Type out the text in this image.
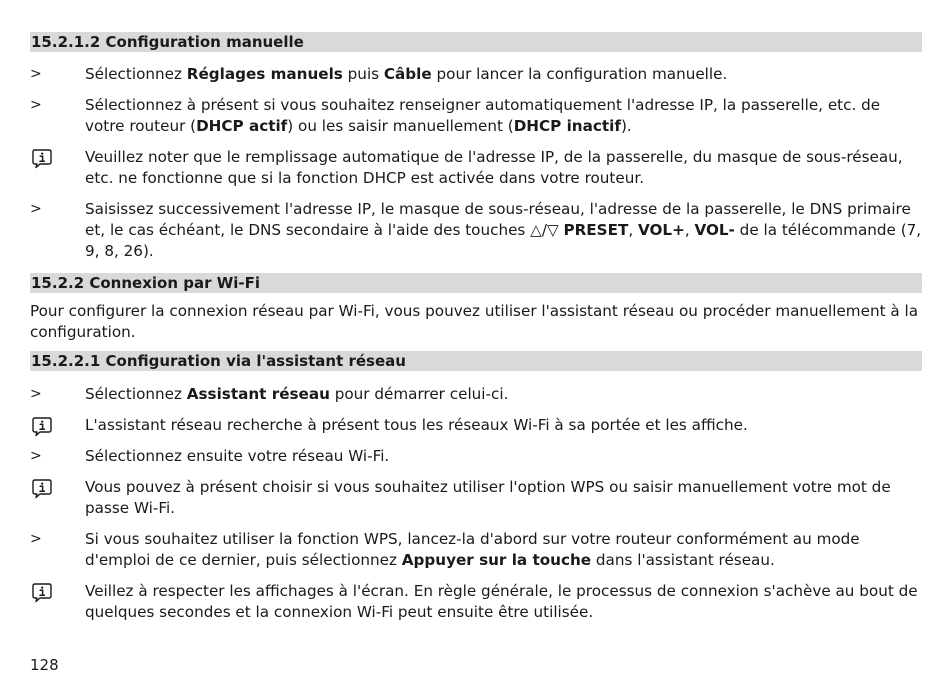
15.2.1.2 Configuration manuelle
>	Sélectionnez Réglages manuels puis Câble pour lancer la configuration manuelle.
>	Sélectionnez à présent si vous souhaitez renseigner automatiquement l'adresse IP, la passerelle, etc. de votre routeur (DHCP actif) ou les saisir manuellement (DHCP inactif).
Veuillez noter que le remplissage automatique de l'adresse IP, de la passerelle, du masque de sous-réseau, etc. ne fonctionne que si la fonction DHCP est activée dans votre routeur.
>	Saisissez successivement l'adresse IP, le masque de sous-réseau, l'adresse de la passerelle, le DNS primaire et, le cas échéant, le DNS secondaire à l'aide des touches △/▽ PRESET, VOL+, VOL- de la télécommande (7, 9, 8, 26).
15.2.2 Connexion par Wi-Fi
Pour configurer la connexion réseau par Wi-Fi, vous pouvez utiliser l'assistant réseau ou procéder manuellement à la configuration.
15.2.2.1 Configuration via l'assistant réseau
>	Sélectionnez Assistant réseau pour démarrer celui-ci.
L'assistant réseau recherche à présent tous les réseaux Wi-Fi à sa portée et les affiche.
>	Sélectionnez ensuite votre réseau Wi-Fi.
Vous pouvez à présent choisir si vous souhaitez utiliser l'option WPS ou saisir manuellement votre mot de passe Wi-Fi.
>	Si vous souhaitez utiliser la fonction WPS, lancez-la d'abord sur votre routeur conformément au mode d'emploi de ce dernier, puis sélectionnez Appuyer sur la touche dans l'assistant réseau.
Veillez à respecter les affichages à l'écran. En règle générale, le processus de connexion s'achève au bout de quelques secondes et la connexion Wi-Fi peut ensuite être utilisée.
128
